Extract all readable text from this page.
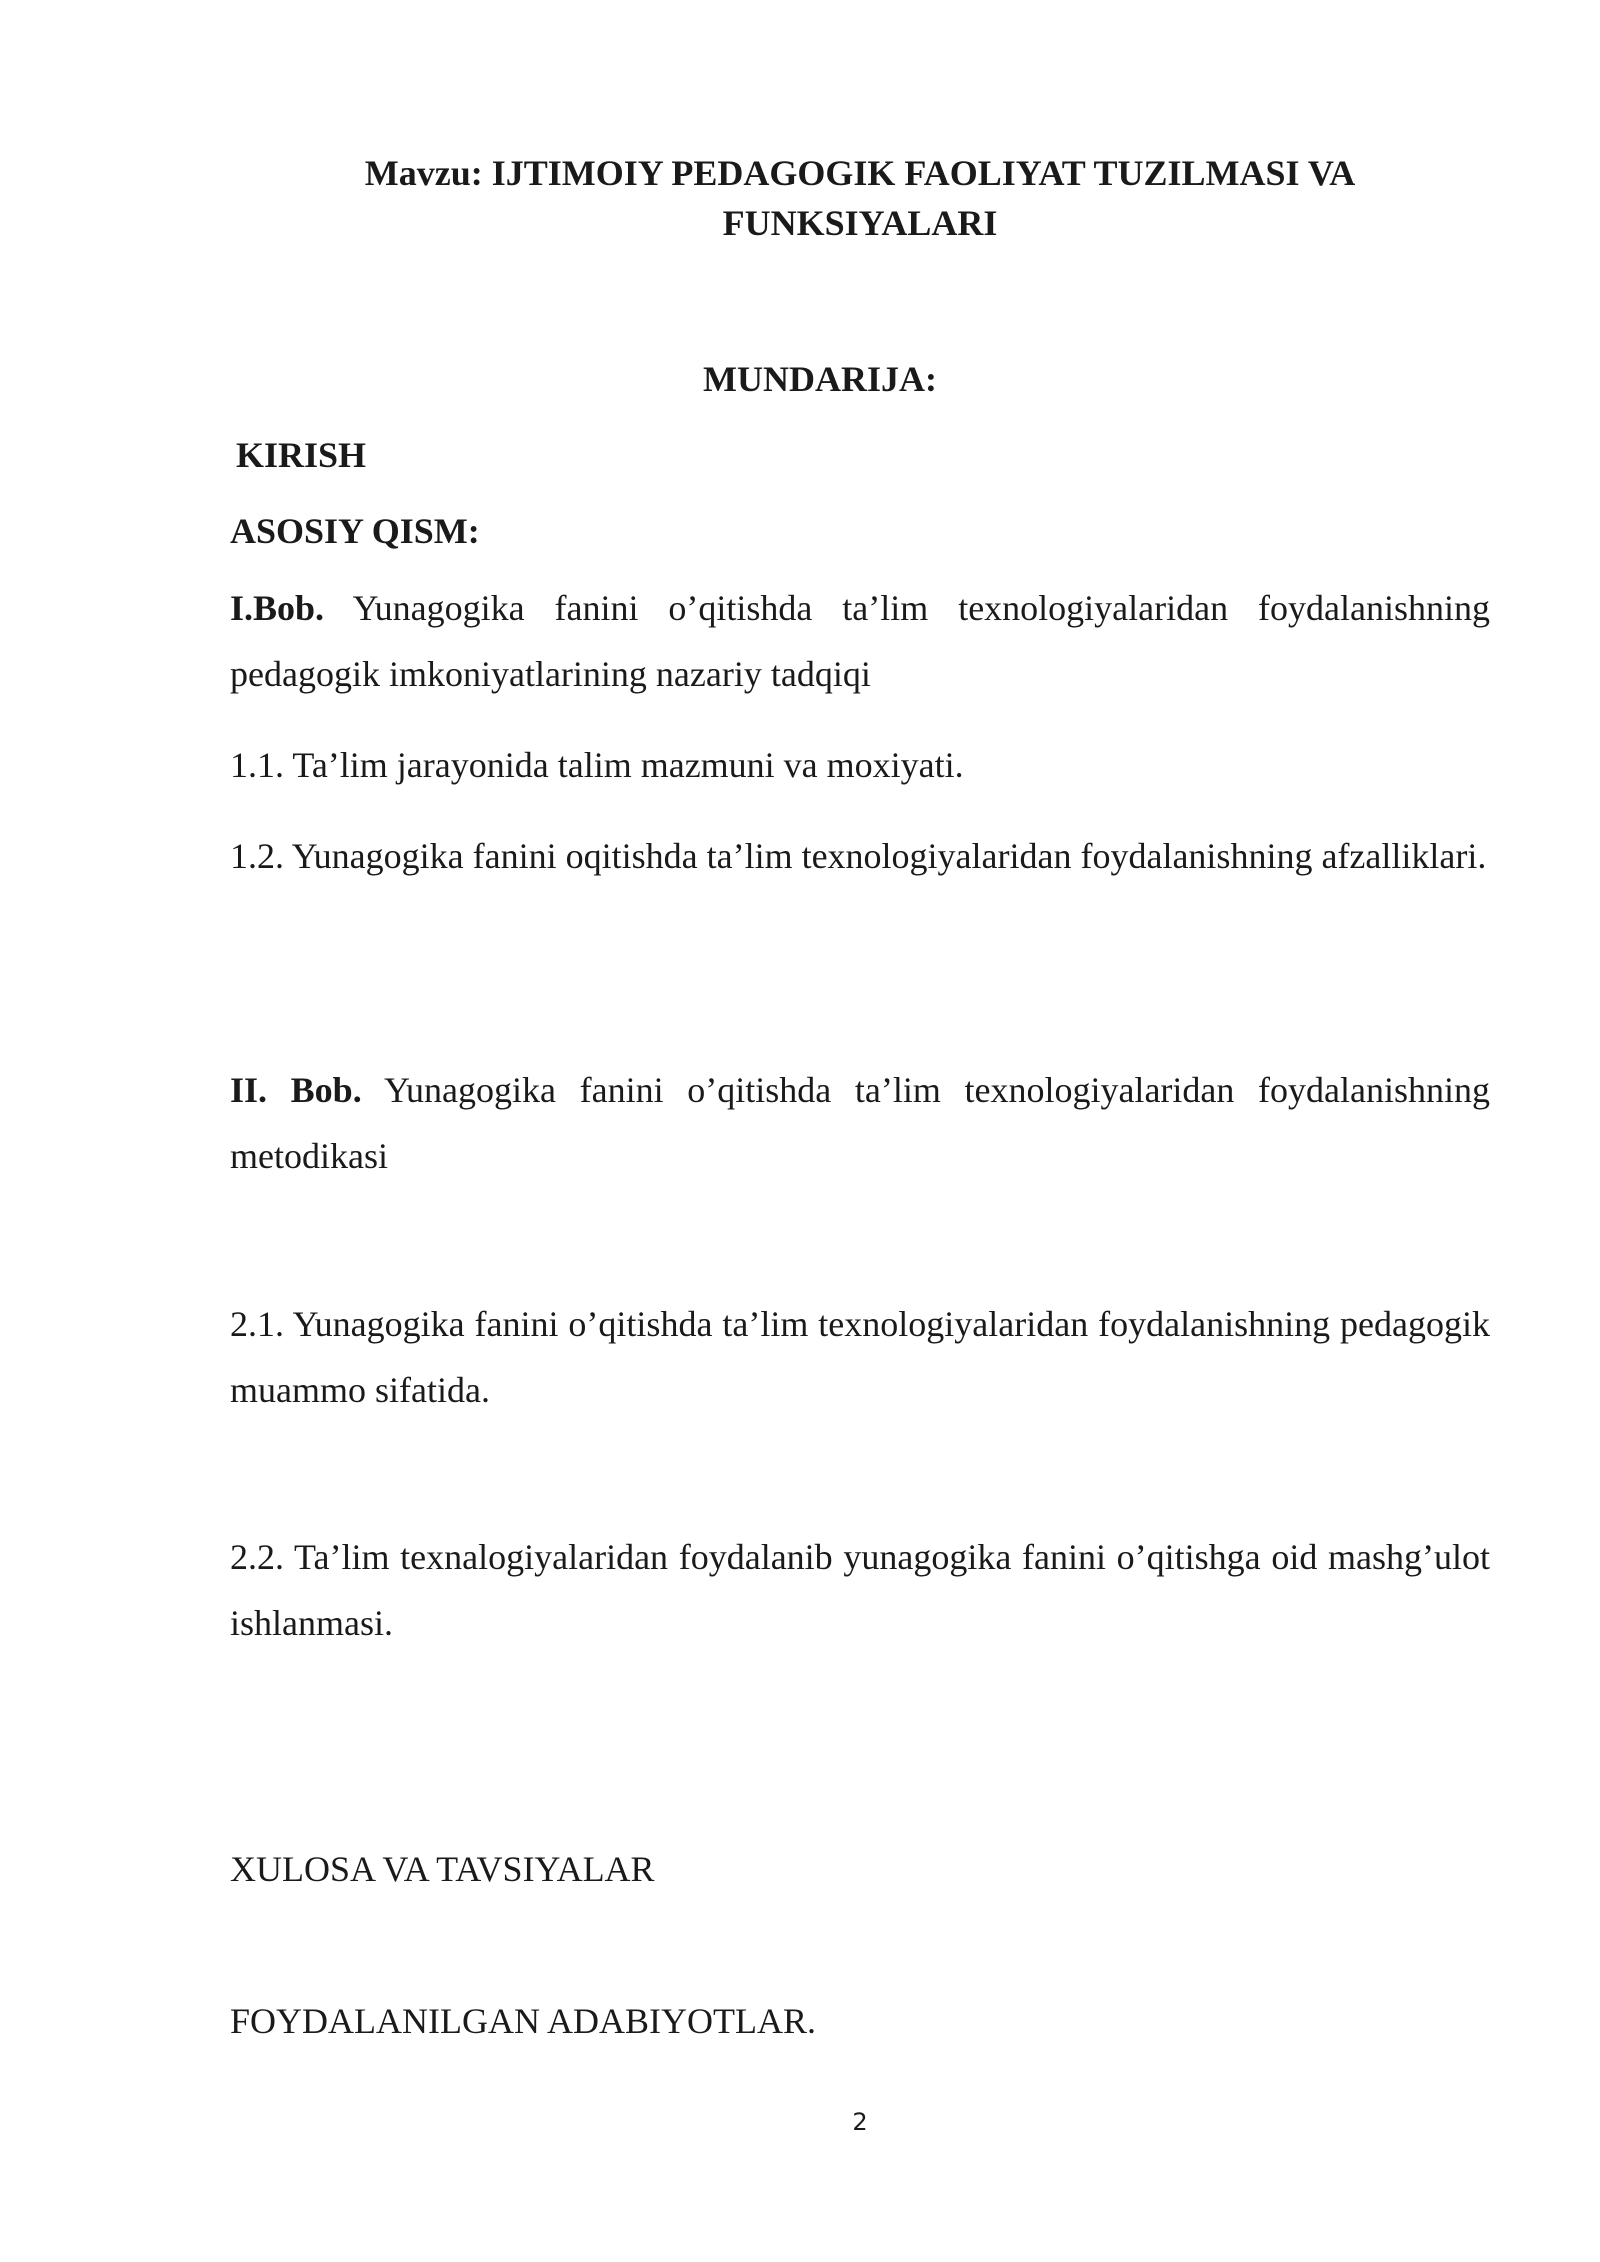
Mavzu: IJTIMOIY PEDAGOGIK FAOLIYAT TUZILMASI VA FUNKSIYALARI

MUNDARIJA:

KIRISH

ASOSIY QISM:

I.Bob. Yunagogika fanini o’qitishda ta’lim texnologiyalaridan foydalanishning pedagogik imkoniyatlarining nazariy tadqiqi

1.1. Ta’lim jarayonida talim mazmuni va moxiyati.

1.2. Yunagogika fanini oqitishda ta’lim texnologiyalaridan foydalanishning afzalliklari.

II. Bob. Yunagogika fanini o’qitishda ta’lim texnologiyalaridan foydalanishning metodikasi

2.1. Yunagogika fanini o’qitishda ta’lim texnologiyalaridan foydalanishning pedagogik muammo sifatida.

2.2. Ta’lim texnalogiyalaridan foydalanib yunagogika fanini o’qitishga oid mashg’ulot ishlanmasi.

XULOSA VA TAVSIYALAR

FOYDALANILGAN ADABIYOTLAR.

2
